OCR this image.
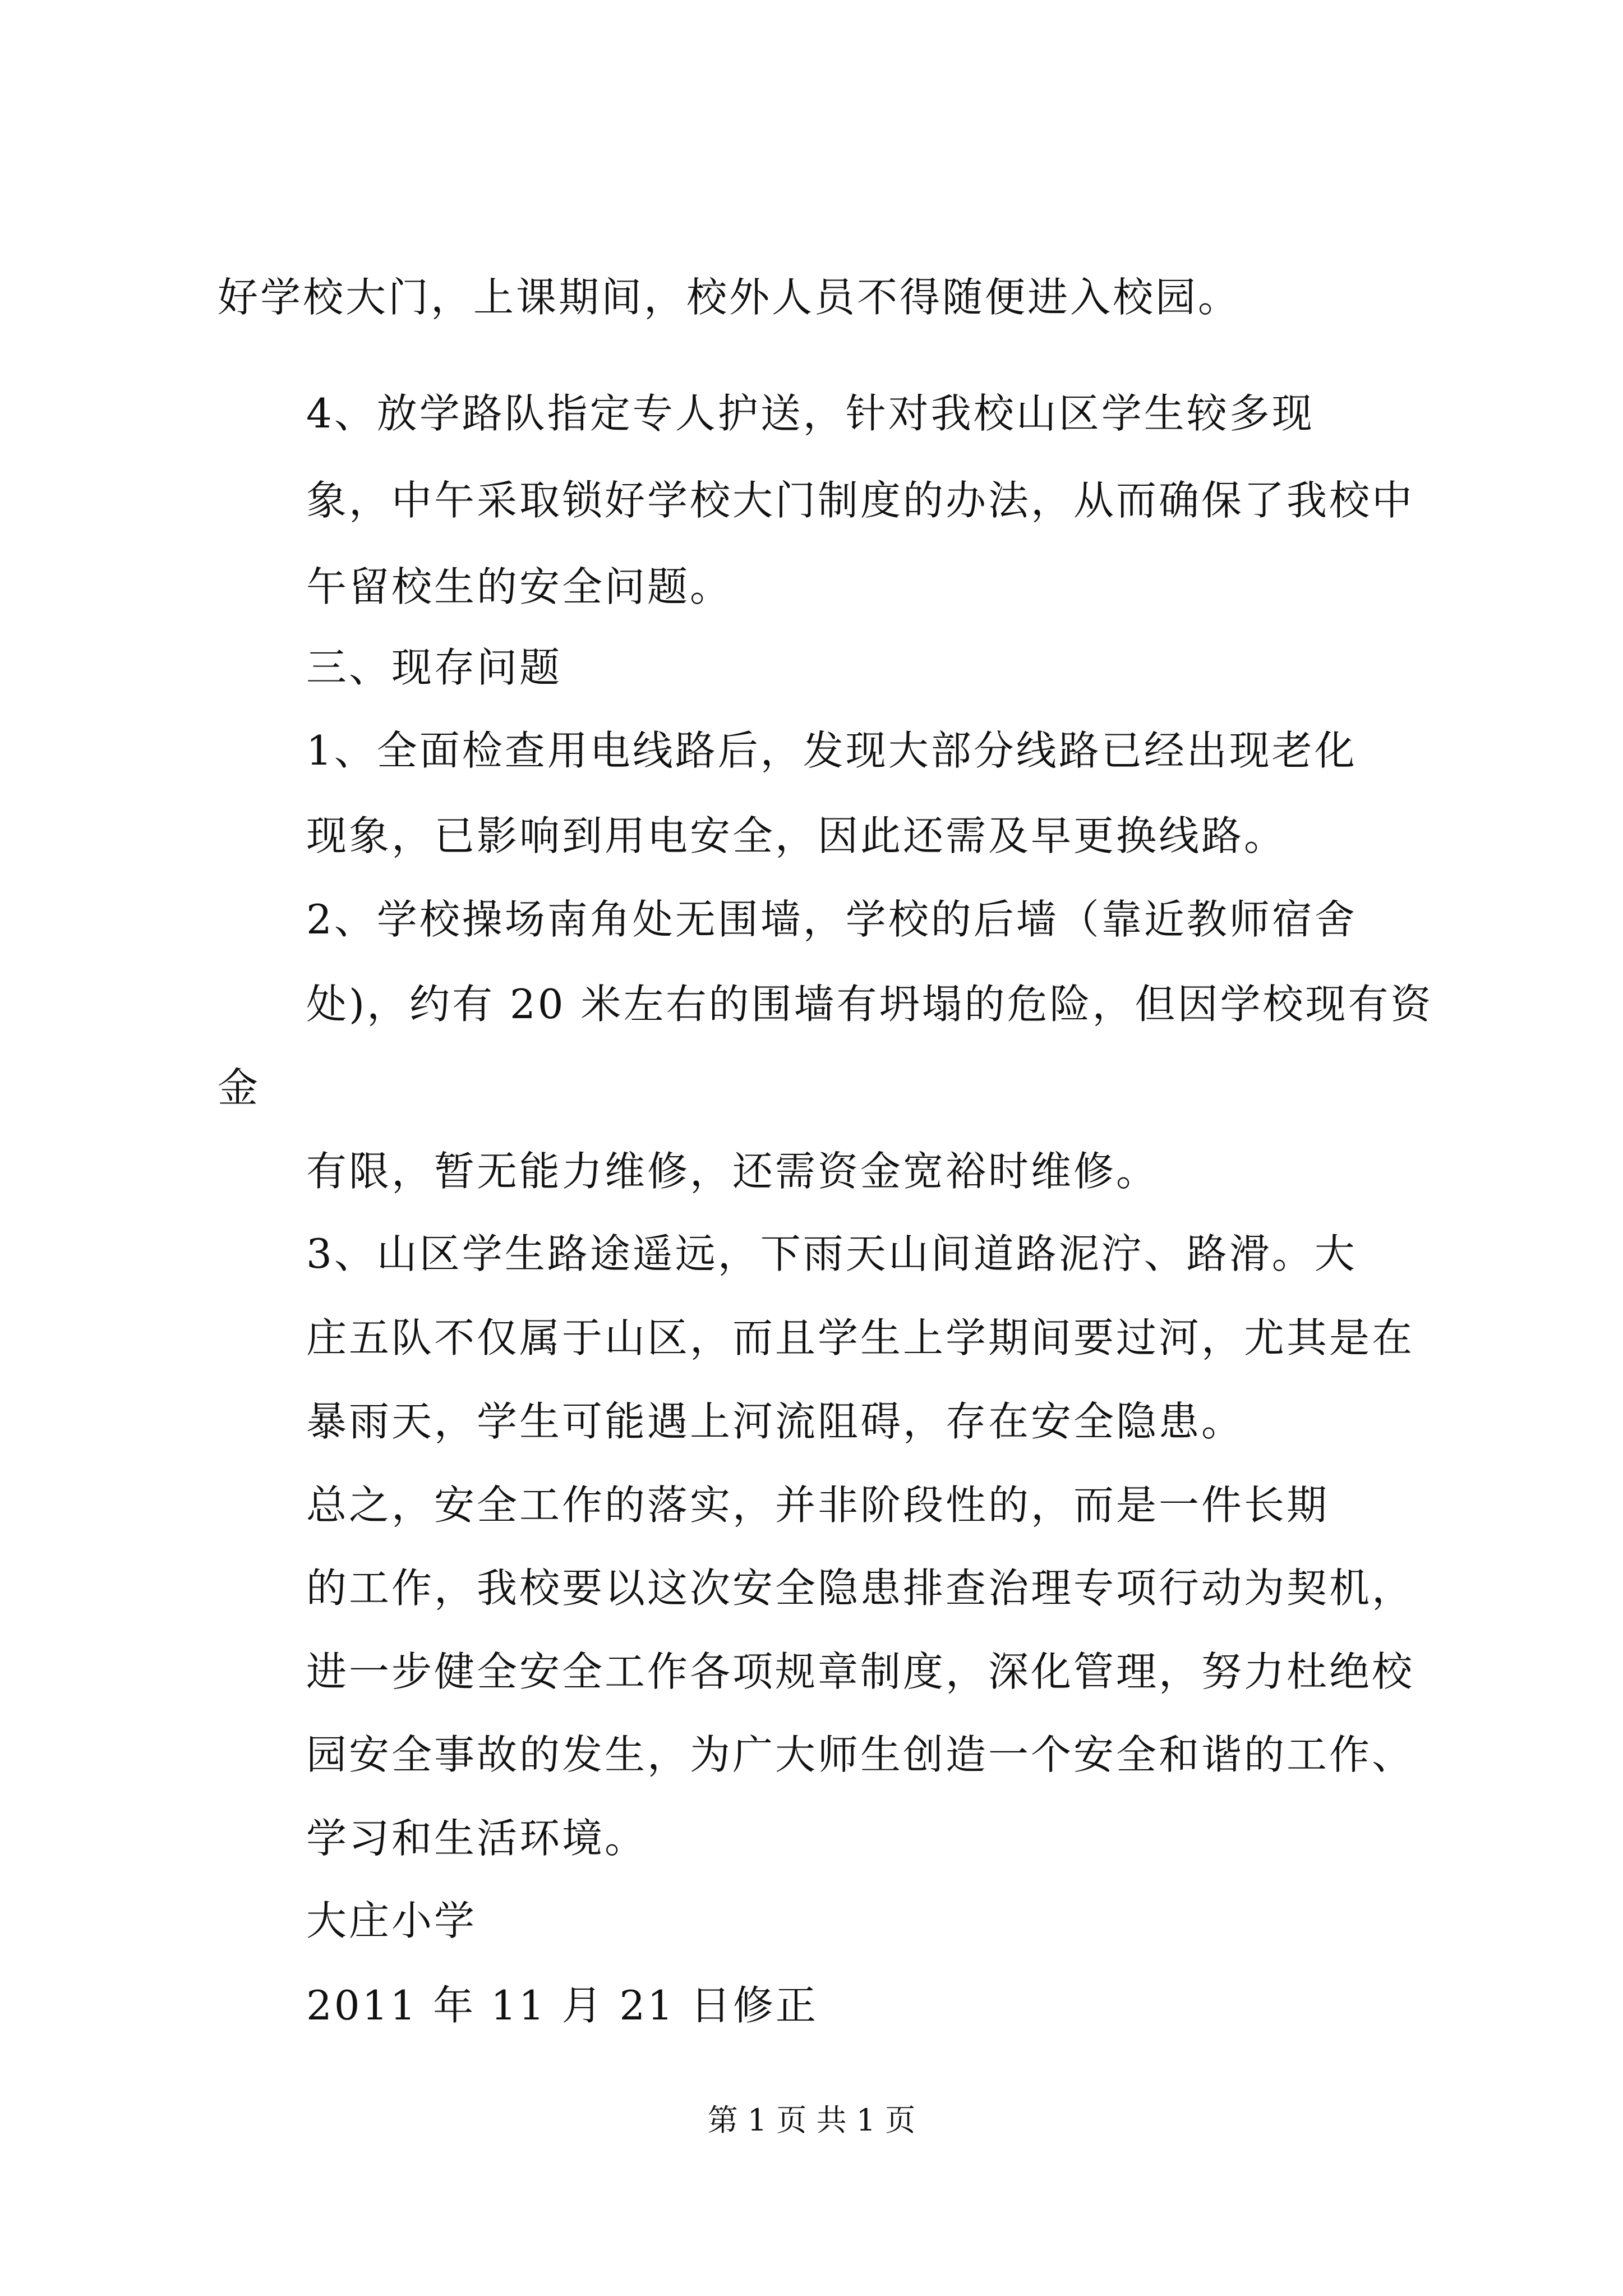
好学校大门，上课期间，校外人员不得随便进入校园。
4、放学路队指定专人护送，针对我校山区学生较多现
象，中午采取锁好学校大门制度的办法，从而确保了我校中
午留校生的安全问题。
三、现存问题
1、全面检查用电线路后，发现大部分线路已经出现老化
现象，已影响到用电安全，因此还需及早更换线路。
2、学校操场南角处无围墙，学校的后墙（靠近教师宿舍
处)，约有 20 米左右的围墙有坍塌的危险，但因学校现有资
金
有限，暂无能力维修，还需资金宽裕时维修。
3、山区学生路途遥远，下雨天山间道路泥泞、路滑。大
庄五队不仅属于山区，而且学生上学期间要过河，尤其是在
暴雨天，学生可能遇上河流阻碍，存在安全隐患。
总之，安全工作的落实，并非阶段性的，而是一件长期
的工作，我校要以这次安全隐患排查治理专项行动为契机，
进一步健全安全工作各项规章制度，深化管理，努力杜绝校
园安全事故的发生，为广大师生创造一个安全和谐的工作、
学习和生活环境。
大庄小学
2011 年 11 月 21 日修正
第 1 页 共 1 页
